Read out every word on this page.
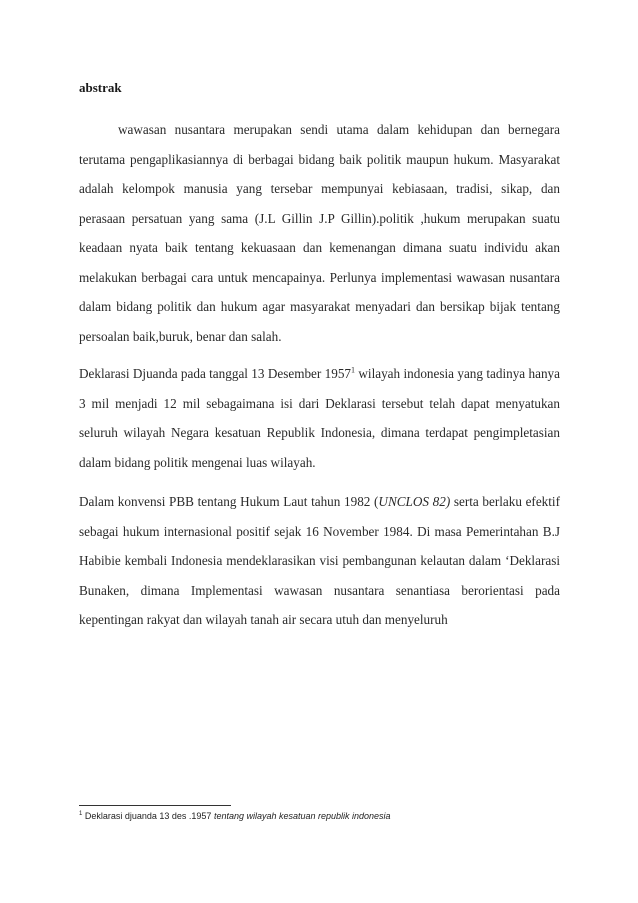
abstrak

wawasan nusantara merupakan sendi utama dalam kehidupan dan bernegara terutama pengaplikasiannya di berbagai bidang baik politik maupun hukum. Masyarakat adalah kelompok manusia yang tersebar mempunyai kebiasaan, tradisi, sikap, dan perasaan persatuan yang sama (J.L Gillin J.P Gillin).politik ,hukum merupakan suatu keadaan nyata baik tentang kekuasaan dan kemenangan dimana suatu individu akan melakukan berbagai cara untuk mencapainya. Perlunya implementasi wawasan nusantara dalam bidang politik dan hukum agar masyarakat menyadari dan bersikap bijak tentang persoalan baik,buruk, benar dan salah.

Deklarasi Djuanda pada tanggal 13 Desember 1957$^1$ wilayah indonesia yang tadinya hanya 3 mil menjadi 12 mil sebagaimana isi dari Deklarasi tersebut telah dapat menyatukan seluruh wilayah Negara kesatuan Republik Indonesia, dimana terdapat pengimpletasian dalam bidang politik mengenai luas wilayah.

Dalam konvensi PBB tentang Hukum Laut tahun 1982 (UNCLOS 82) serta berlaku efektif sebagai hukum internasional positif sejak 16 November 1984. Di masa Pemerintahan B.J Habibie kembali Indonesia mendeklarasikan visi pembangunan kelautan dalam ‘Deklarasi Bunaken, dimana Implementasi wawasan nusantara senantiasa berorientasi pada kepentingan rakyat dan wilayah tanah air secara utuh dan menyeluruh

$^1$ Deklarasi djuanda 13 des .1957 tentang wilayah kesatuan republik indonesia
